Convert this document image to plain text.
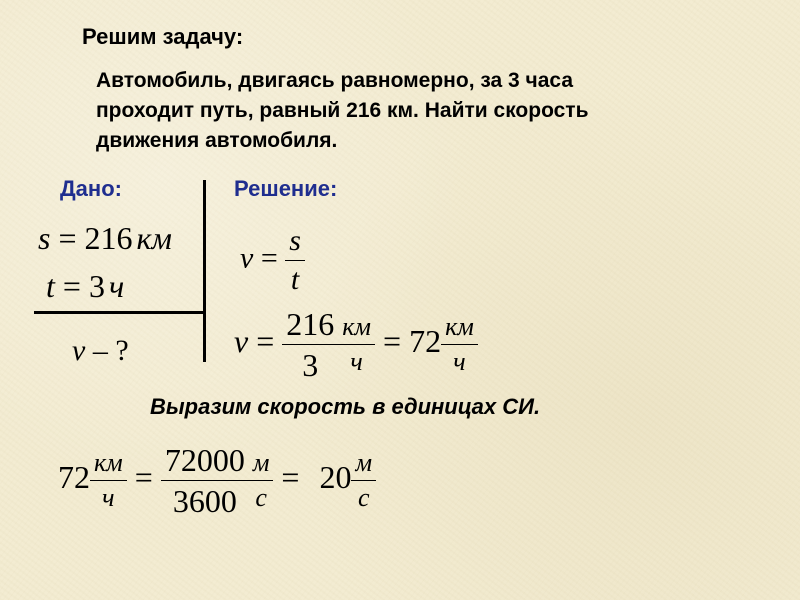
Решим задачу:
Автомобиль, двигаясь равномерно, за 3 часа
проходит путь, равный 216 км. Найти скорость
движения автомобиля.
Дано:	Решение:
s = 216 км
t = 3 ч
v – ?
$v = \frac{s}{t}$
$v = \frac{216}{3} \frac{км}{ч} = 72 \frac{км}{ч}$
Выразим скорость в единицах СИ.
$72 \frac{км}{ч} = \frac{72000}{3600} \frac{м}{с} = 20 \frac{м}{с}$
